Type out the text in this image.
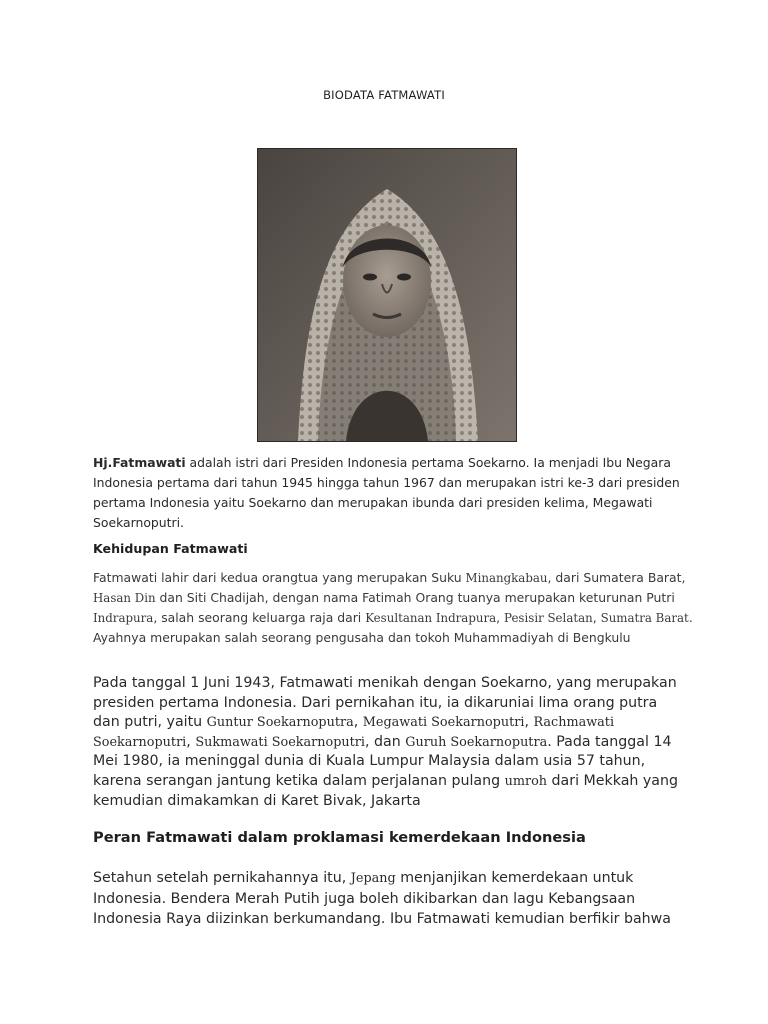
BIODATA FATMAWATI
Hj.Fatmawati adalah istri dari Presiden Indonesia pertama Soekarno. Ia menjadi Ibu Negara Indonesia pertama dari tahun 1945 hingga tahun 1967 dan merupakan istri ke-3 dari presiden pertama Indonesia yaitu Soekarno dan merupakan ibunda dari presiden kelima, Megawati Soekarnoputri.
Kehidupan Fatmawati
Fatmawati lahir dari kedua orangtua yang merupakan Suku Minangkabau, dari Sumatera Barat, Hasan Din dan Siti Chadijah, dengan nama Fatimah Orang tuanya merupakan keturunan Putri Indrapura, salah seorang keluarga raja dari Kesultanan Indrapura, Pesisir Selatan, Sumatra Barat. Ayahnya merupakan salah seorang pengusaha dan tokoh Muhammadiyah di Bengkulu
Pada tanggal 1 Juni 1943, Fatmawati menikah dengan Soekarno, yang merupakan presiden pertama Indonesia. Dari pernikahan itu, ia dikaruniai lima orang putra dan putri, yaitu Guntur Soekarnoputra, Megawati Soekarnoputri, Rachmawati Soekarnoputri, Sukmawati Soekarnoputri, dan Guruh Soekarnoputra. Pada tanggal 14 Mei 1980, ia meninggal dunia di Kuala Lumpur Malaysia dalam usia 57 tahun, karena serangan jantung ketika dalam perjalanan pulang umroh dari Mekkah yang kemudian dimakamkan di Karet Bivak, Jakarta
Peran Fatmawati dalam proklamasi kemerdekaan Indonesia
Setahun setelah pernikahannya itu, Jepang menjanjikan kemerdekaan untuk Indonesia. Bendera Merah Putih juga boleh dikibarkan dan lagu Kebangsaan Indonesia Raya diizinkan berkumandang. Ibu Fatmawati kemudian berfikir bahwa
